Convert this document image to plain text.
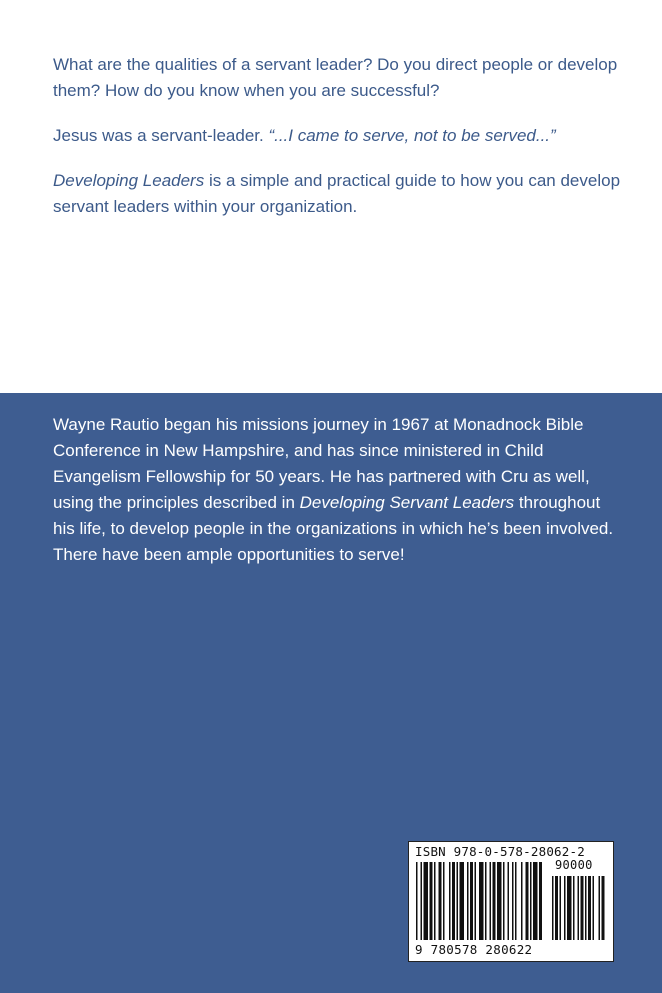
What are the qualities of a servant leader? Do you direct people or develop them? How do you know when you are successful?

Jesus was a servant-leader. “...I came to serve, not to be served...”

Developing Leaders is a simple and practical guide to how you can develop servant leaders within your organization.

Wayne Rautio began his missions journey in 1967 at Monadnock Bible Conference in New Hampshire, and has since ministered in Child Evangelism Fellowship for 50 years. He has partnered with Cru as well, using the principles described in Developing Servant Leaders throughout his life, to develop people in the organizations in which he’s been involved. There have been ample opportunities to serve!

ISBN 978-0-578-28062-2
90000
9 780578 280622
